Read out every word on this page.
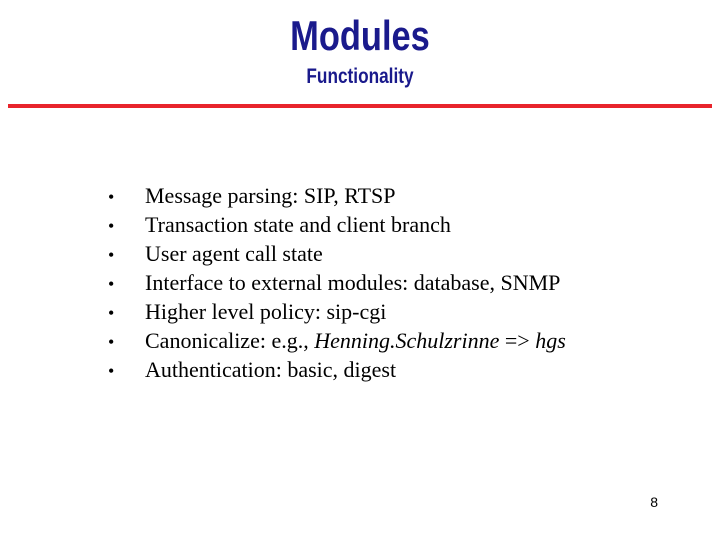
Modules
Functionality
•	Message parsing: SIP, RTSP
•	Transaction state and client branch
•	User agent call state
•	Interface to external modules: database, SNMP
•	Higher level policy: sip-cgi
•	Canonicalize: e.g., Henning.Schulzrinne => hgs
•	Authentication: basic, digest
8
